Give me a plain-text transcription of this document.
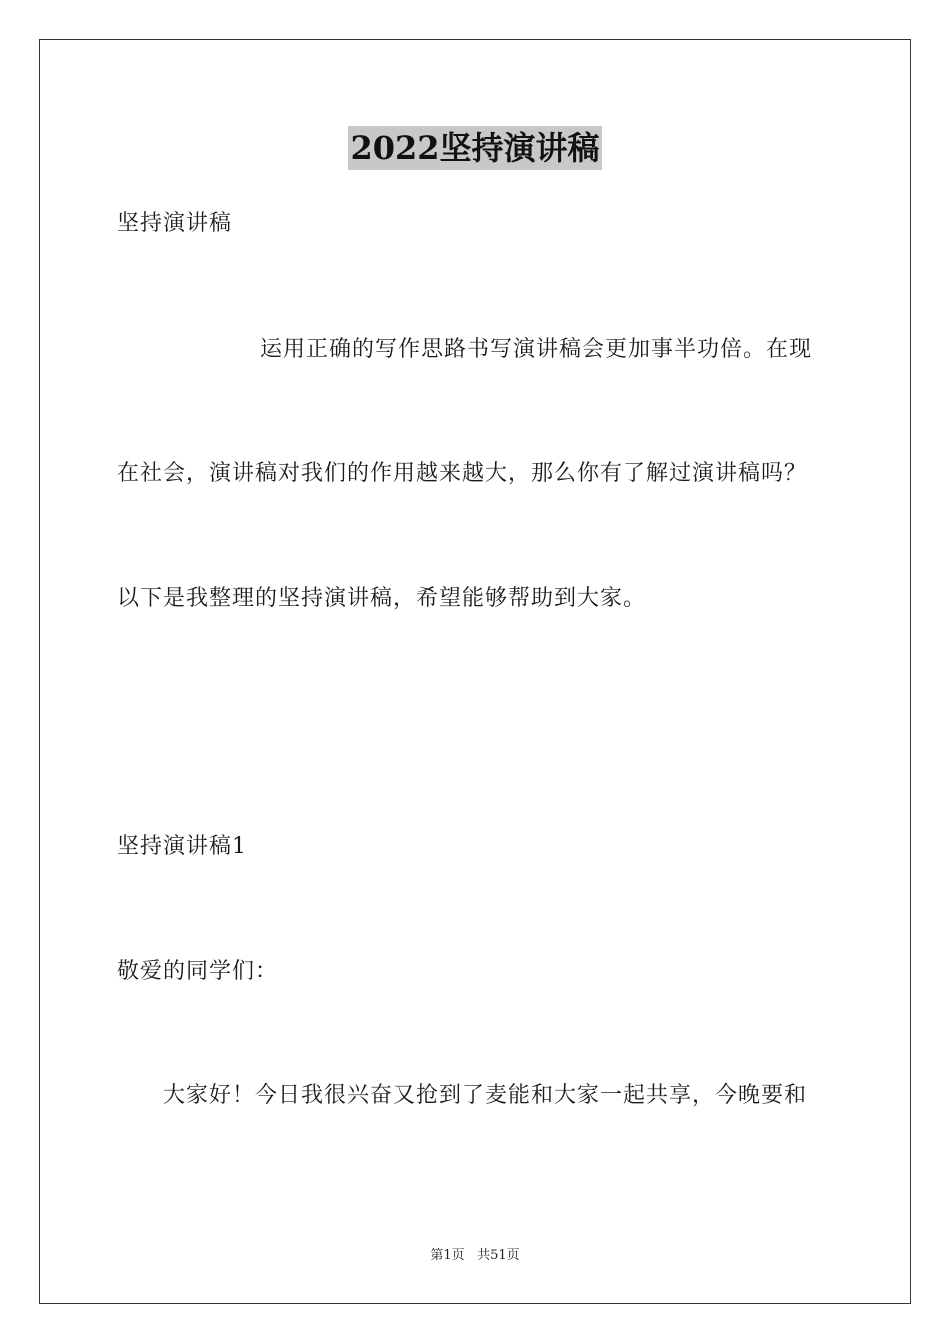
2022坚持演讲稿
坚持演讲稿
运用正确的写作思路书写演讲稿会更加事半功倍。在现
在社会，演讲稿对我们的作用越来越大，那么你有了解过演讲稿吗？
以下是我整理的坚持演讲稿，希望能够帮助到大家。
坚持演讲稿1
敬爱的同学们：
大家好！今日我很兴奋又抢到了麦能和大家一起共享，今晚要和
第1页 共51页
